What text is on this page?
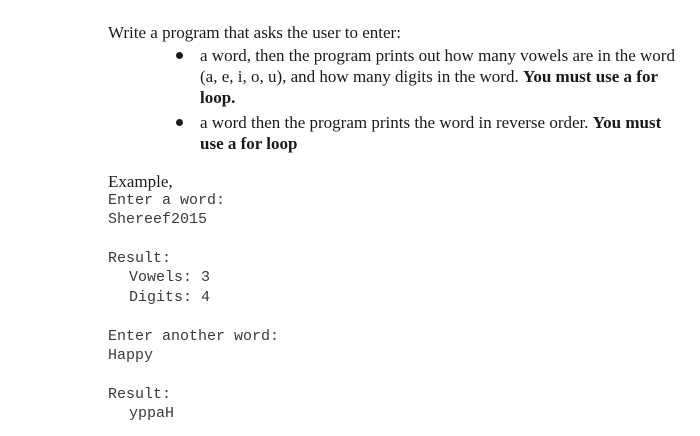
Write a program that asks the user to enter:
a word, then the program prints out how many vowels are in the word
(a, e, i, o, u), and how many digits in the word. You must use a for
loop.
a word then the program prints the word in reverse order. You must
use a for loop
Example,
Enter a word:
Shereef2015
Result:
Vowels: 3
Digits: 4
Enter another word:
Happy
Result:
yppaH
